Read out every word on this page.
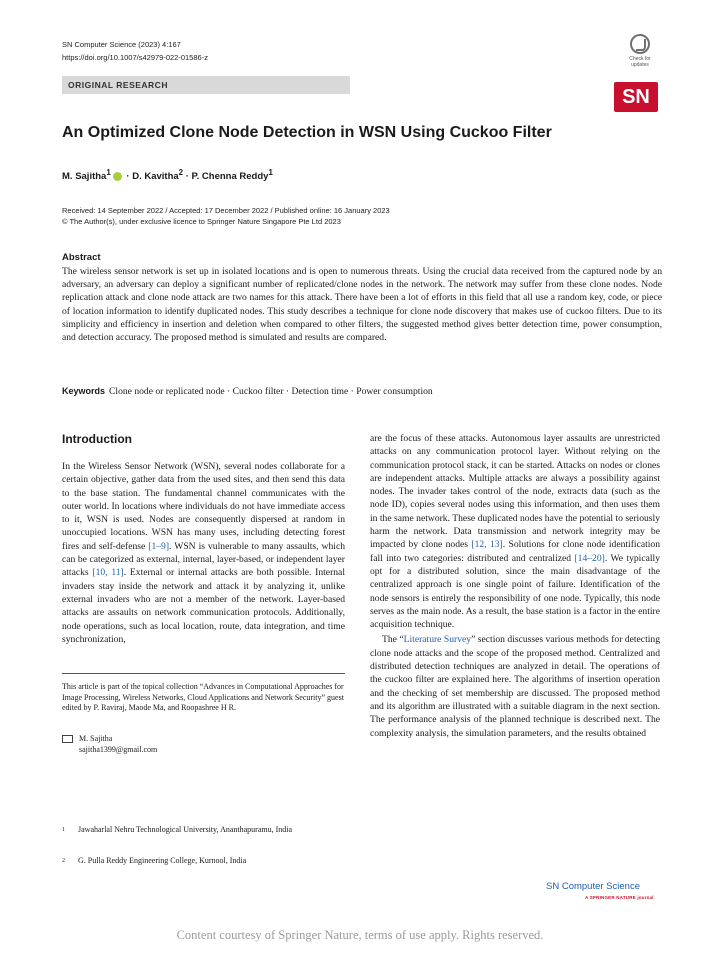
SN Computer Science (2023) 4:167
https://doi.org/10.1007/s42979-022-01586-z
ORIGINAL RESEARCH
Check for updates
SN
An Optimized Clone Node Detection in WSN Using Cuckoo Filter
M. Sajitha$^1$ · D. Kavitha$^2$ · P. Chenna Reddy$^1$
Received: 14 September 2022 / Accepted: 17 December 2022 / Published online: 16 January 2023
© The Author(s), under exclusive licence to Springer Nature Singapore Pte Ltd 2023
Abstract
The wireless sensor network is set up in isolated locations and is open to numerous threats. Using the crucial data received from the captured node by an adversary, an adversary can deploy a significant number of replicated/clone nodes in the network. The network may suffer from these clone nodes. Node replication attack and clone node attack are two names for this attack. There have been a lot of efforts in this field that all use a random key, code, or piece of location information to identify duplicated nodes. This study describes a technique for clone node discovery that makes use of cuckoo filters. Due to its simplicity and efficiency in insertion and deletion when compared to other filters, the suggested method gives better detection time, power consumption, and detection accuracy. The proposed method is simulated and results are compared.
Keywords Clone node or replicated node · Cuckoo filter · Detection time · Power consumption
Introduction

In the Wireless Sensor Network (WSN), several nodes collaborate for a certain objective, gather data from the used sites, and then send this data to the base station. The fundamental channel communicates with the outer world. In locations where individuals do not have immediate access to it, WSN is used. Nodes are consequently dispersed at random in unoccupied locations. WSN has many uses, including detecting forest fires and self-defense [1–9]. WSN is vulnerable to many assaults, which can be categorized as external, internal, layer-based, or independent layer attacks [10, 11]. External or internal attacks are both possible. Internal invaders stay inside the network and attack it by analyzing it, unlike external invaders who are not a member of the network. Layer-based attacks are assaults on network communication protocols. Additionally, node operations, such as local location, route, data integration, and time synchronization,

are the focus of these attacks. Autonomous layer assaults are unrestricted attacks on any communication protocol layer. Without relying on the communication protocol stack, it can be started. Attacks on nodes or clones are independent attacks. Multiple attacks are always a possibility against nodes. The invader takes control of the node, extracts data (such as the node ID), copies several nodes using this information, and then uses them in the same network. These duplicated nodes have the potential to seriously harm the network. Data transmission and network integrity may be impacted by clone nodes [12, 13]. Solutions for clone node identification fall into two categories: distributed and centralized [14–20]. We typically opt for a distributed solution, since the main disadvantage of the centralized approach is one single point of failure. Identification of the node sensors is entirely the responsibility of one node. Typically, this node serves as the main node. As a result, the base station is a factor in the entire acquisition technique.

The “Literature Survey” section discusses various methods for detecting clone node attacks and the scope of the proposed method. Centralized and distributed detection techniques are analyzed in detail. The operations of the cuckoo filter are explained here. The algorithms of insertion operation and the checking of set membership are discussed. The proposed method and its algorithm are illustrated with a suitable diagram in the next section. The performance analysis of the planned technique is described next. The complexity analysis, the simulation parameters, and the results obtained

This article is part of the topical collection “Advances in Computational Approaches for Image Processing, Wireless Networks, Cloud Applications and Network Security” guest edited by P. Raviraj, Maode Ma, and Roopashree H R.
M. Sajitha
sajitha1399@gmail.com
1 Jawaharlal Nehru Technological University, Ananthapuramu, India
2 G. Pulla Reddy Engineering College, Kurnool, India
SN Computer Science
A SPRINGER NATURE journal
Content courtesy of Springer Nature, terms of use apply. Rights reserved.
